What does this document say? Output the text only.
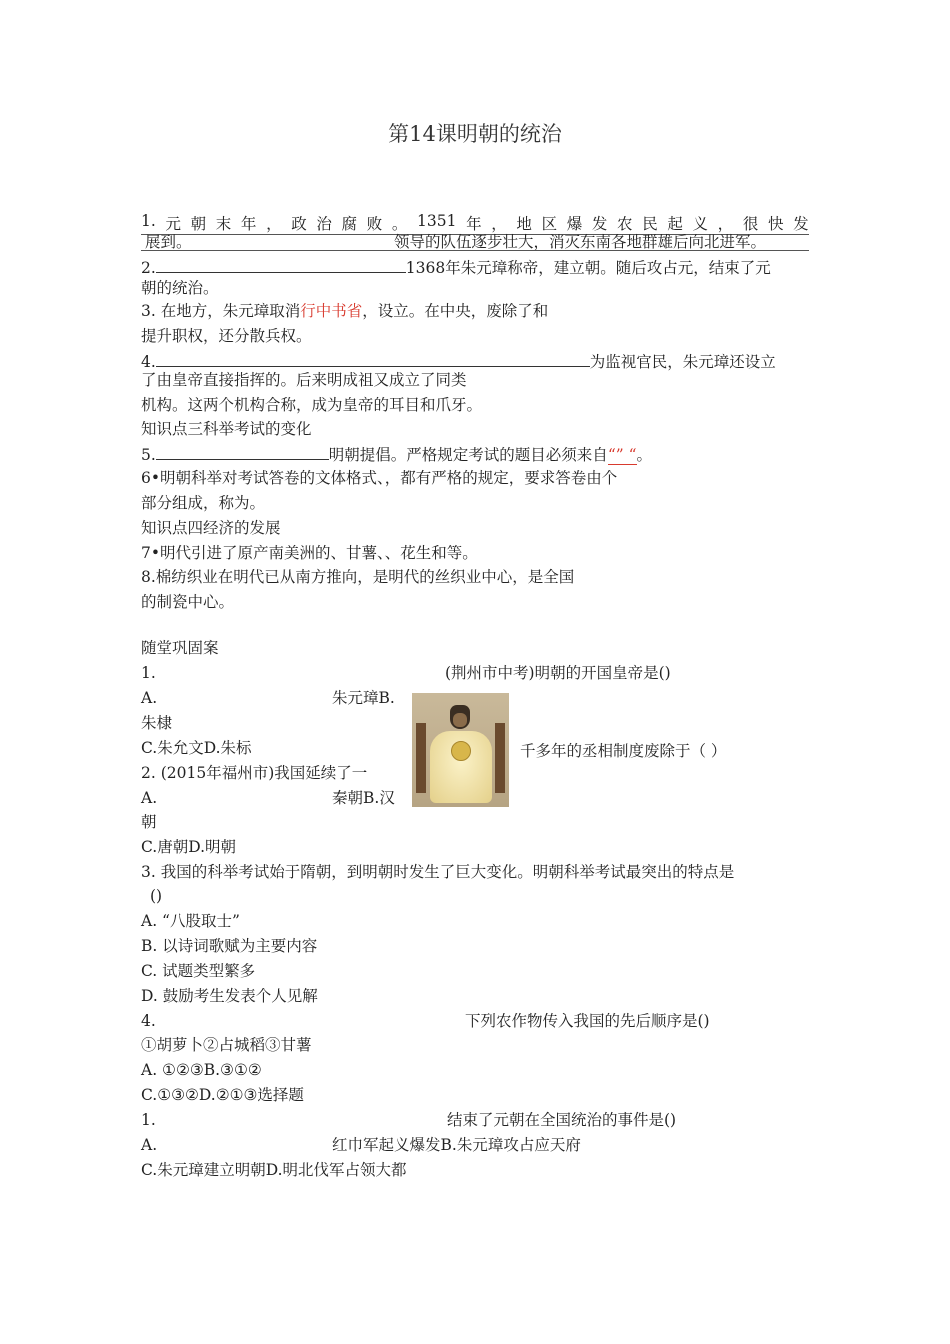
第14课明朝的统治
1. 元 朝 末 年 ， 政 治 腐 败 。 1351 年 ， 地 区 爆 发 农 民 起 义 ， 很 快 发
展到。	领导的队伍逐步壮大，消灭东南各地群雄后向北进军。
2.	1368年朱元璋称帝，建立朝。随后攻占元，结束了元
朝的统治。
3. 在地方，朱元璋取消行中书省，设立。在中央，废除了和
提升职权，还分散兵权。
4.	为监视官民，朱元璋还设立
了由皇帝直接指挥的。后来明成祖又成立了同类
机构。这两个机构合称，成为皇帝的耳目和爪牙。
知识点三科举考试的变化
5.	明朝提倡。严格规定考试的题目必须来自“” “。
6•明朝科举对考试答卷的文体格式、，都有严格的规定，要求答卷由个
部分组成，称为。
知识点四经济的发展
7•明代引进了原产南美洲的、甘薯、、花生和等。
8.棉纺织业在明代已从南方推向，是明代的丝织业中心，是全国
的制瓷中心。
随堂巩固案
1.	(荆州市中考)明朝的开国皇帝是()
A.	朱元璋B.
朱棣
C.朱允文D.朱标	千多年的丞相制度废除于（ ）
2. (2015年福州市)我国延续了一
A.	秦朝B.汉
朝
C.唐朝D.明朝
3. 我国的科举考试始于隋朝，到明朝时发生了巨大变化。明朝科举考试最突出的特点是
()
A. “八股取士”
B. 以诗词歌赋为主要内容
C. 试题类型繁多
D. 鼓励考生发表个人见解
4.	下列农作物传入我国的先后顺序是()
①胡萝卜②占城稻③甘薯
A. ①②③B.③①②
C.①③②D.②①③选择题
1.	结束了元朝在全国统治的事件是()
A.	红巾军起义爆发B.朱元璋攻占应天府
C.朱元璋建立明朝D.明北伐军占领大都
